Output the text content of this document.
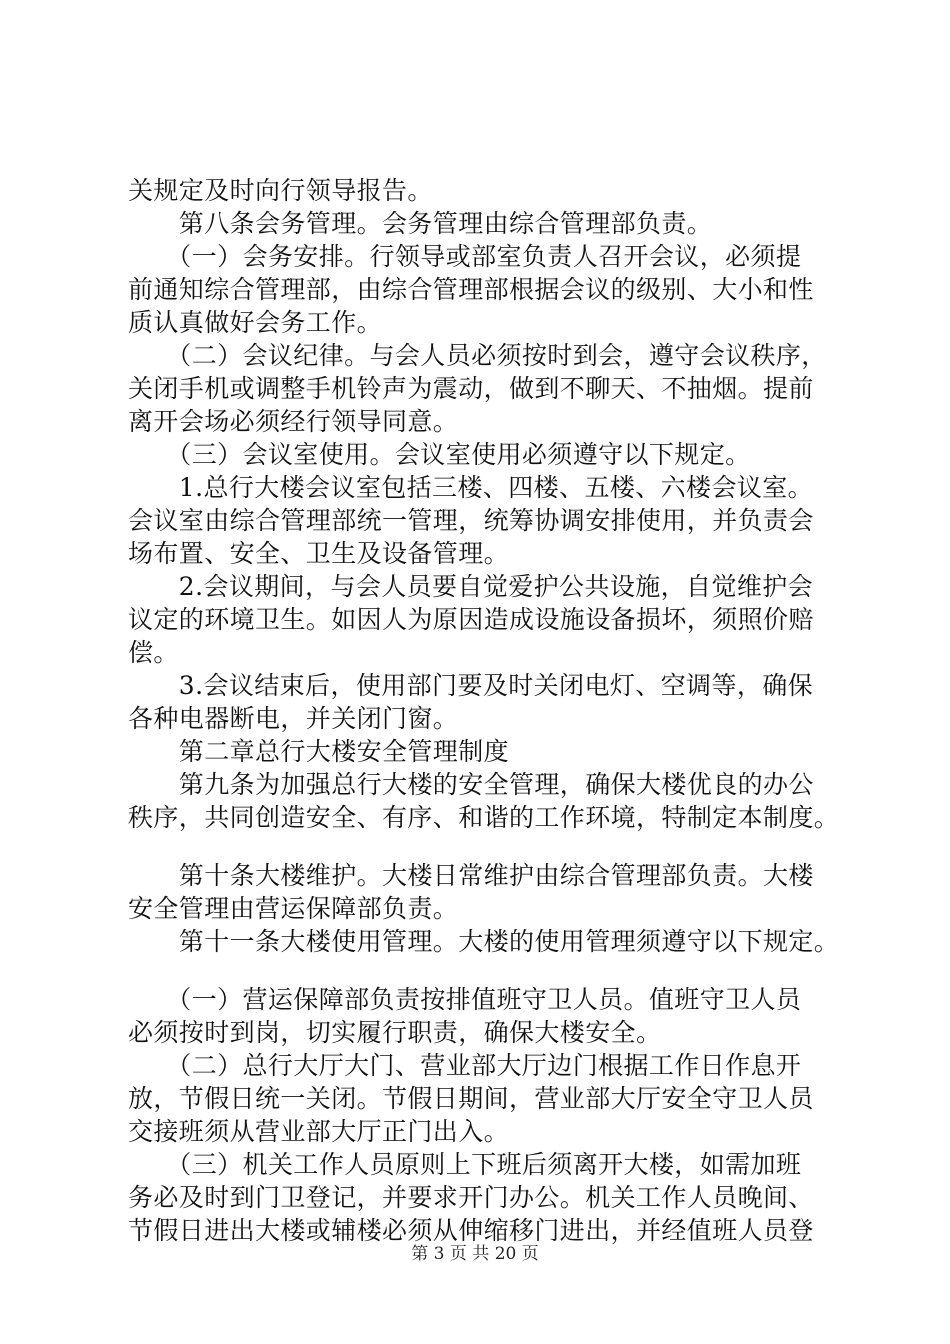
关规定及时向行领导报告。
　　第八条会务管理。会务管理由综合管理部负责。
　　（一）会务安排。行领导或部室负责人召开会议，必须提
前通知综合管理部，由综合管理部根据会议的级别、大小和性
质认真做好会务工作。
　　（二）会议纪律。与会人员必须按时到会，遵守会议秩序，
关闭手机或调整手机铃声为震动，做到不聊天、不抽烟。提前
离开会场必须经行领导同意。
　　（三）会议室使用。会议室使用必须遵守以下规定。
　　1.总行大楼会议室包括三楼、四楼、五楼、六楼会议室。
会议室由综合管理部统一管理，统筹协调安排使用，并负责会
场布置、安全、卫生及设备管理。
　　2.会议期间，与会人员要自觉爱护公共设施，自觉维护会
议定的环境卫生。如因人为原因造成设施设备损坏，须照价赔
偿。
　　3.会议结束后，使用部门要及时关闭电灯、空调等，确保
各种电器断电，并关闭门窗。
　　第二章总行大楼安全管理制度
　　第九条为加强总行大楼的安全管理，确保大楼优良的办公
秩序，共同创造安全、有序、和谐的工作环境，特制定本制度。
　　第十条大楼维护。大楼日常维护由综合管理部负责。大楼
安全管理由营运保障部负责。
　　第十一条大楼使用管理。大楼的使用管理须遵守以下规定。
　　（一）营运保障部负责按排值班守卫人员。值班守卫人员
必须按时到岗，切实履行职责，确保大楼安全。
　　（二）总行大厅大门、营业部大厅边门根据工作日作息开
放，节假日统一关闭。节假日期间，营业部大厅安全守卫人员
交接班须从营业部大厅正门出入。
　　（三）机关工作人员原则上下班后须离开大楼，如需加班
务必及时到门卫登记，并要求开门办公。机关工作人员晚间、
节假日进出大楼或辅楼必须从伸缩移门进出，并经值班人员登
第 3 页 共 20 页
